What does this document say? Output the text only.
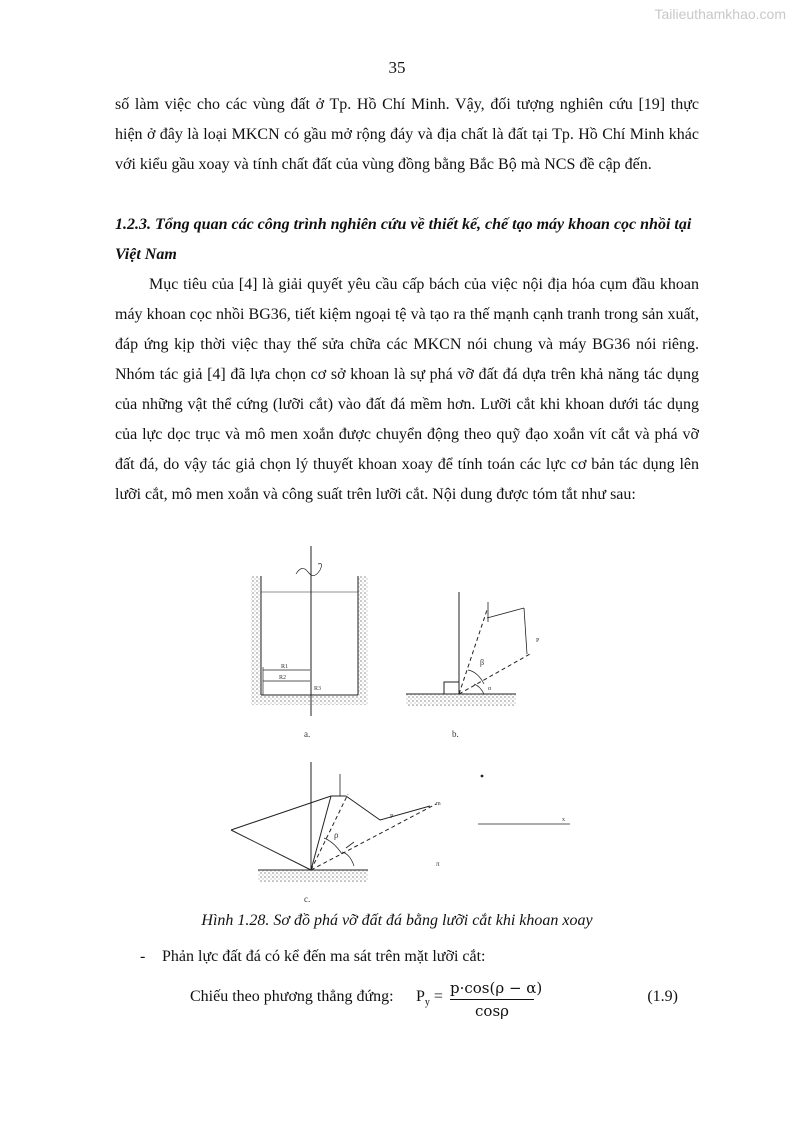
Tailieuthamkhao.com
35
số làm việc cho các vùng đất ở Tp. Hồ Chí Minh. Vậy, đối tượng nghiên cứu [19] thực hiện ở đây là loại MKCN có gầu mở rộng đáy và địa chất là đất tại Tp. Hồ Chí Minh khác với kiểu gầu xoay và tính chất đất của vùng đồng bằng Bắc Bộ mà NCS đề cập đến.
1.2.3. Tổng quan các công trình nghiên cứu về thiết kế, chế tạo máy khoan cọc nhồi tại Việt Nam
Mục tiêu của [4] là giải quyết yêu cầu cấp bách của việc nội địa hóa cụm đầu khoan máy khoan cọc nhồi BG36, tiết kiệm ngoại tệ và tạo ra thế mạnh cạnh tranh trong sản xuất, đáp ứng kịp thời việc thay thế sửa chữa các MKCN nói chung và máy BG36 nói riêng. Nhóm tác giả [4] đã lựa chọn cơ sở khoan là sự phá vỡ đất đá dựa trên khả năng tác dụng của những vật thể cứng (lưỡi cắt) vào đất đá mềm hơn. Lưỡi cắt khi khoan dưới tác dụng của lực dọc trục và mô men xoắn được chuyển động theo quỹ đạo xoắn vít cắt và phá vỡ đất đá, do vậy tác giả chọn lý thuyết khoan xoay để tính toán các lực cơ bản tác dụng lên lưỡi cắt, mô men xoắn và công suất trên lưỡi cắt. Nội dung được tóm tắt như sau:
R1
R2
R3
a.
β
α
P
b.
ρ
P
m
π
c.
x
Hình 1.28. Sơ đồ phá vỡ đất đá bằng lưỡi cắt khi khoan xoay
- Phản lực đất đá có kể đến ma sát trên mặt lưỡi cắt:
Chiếu theo phương thẳng đứng: $P_y = \frac{p\cdot\cos(\rho - \alpha)}{\cos\rho}$	(1.9)
